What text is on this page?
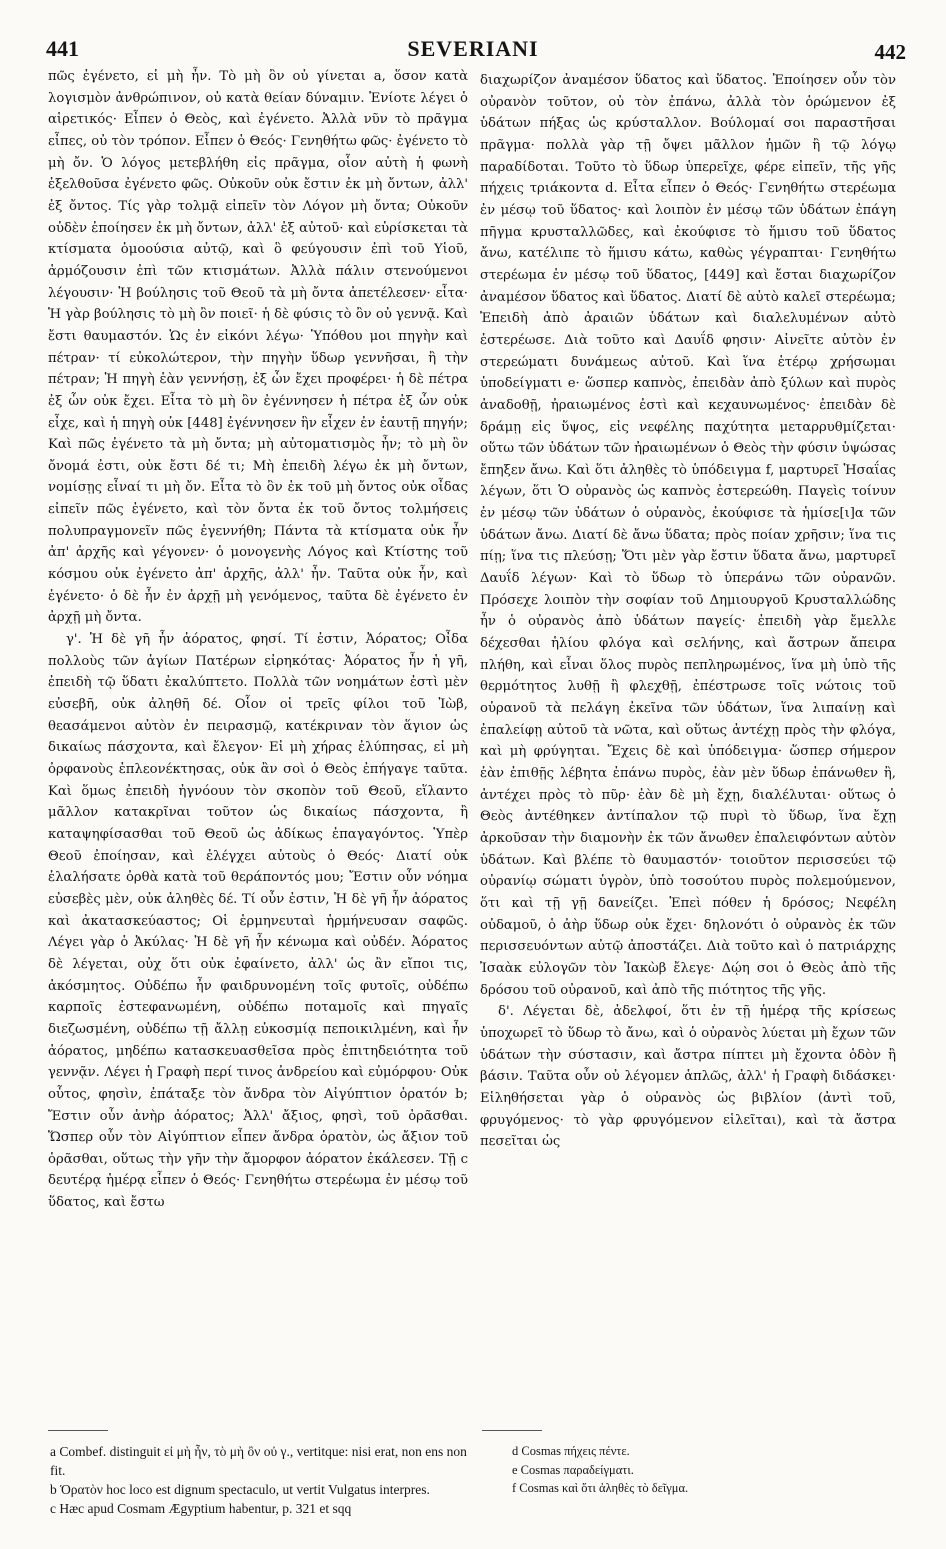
441	SEVERIANI	442

πῶς ἐγένετο, εἰ μὴ ἦν. Τὸ μὴ ὂν οὐ γίνεται a, ὅσον κατὰ λογισμὸν ἀνθρώπινον, οὐ κατὰ θείαν δύναμιν. Ἐνίοτε λέγει ὁ αἱρετικός· Εἶπεν ὁ Θεὸς, καὶ ἐγένετο. Ἀλλὰ νῦν τὸ πρᾶγμα εἶπες, οὐ τὸν τρόπον. Εἶπεν ὁ Θεός· Γενηθήτω φῶς· ἐγένετο τὸ μὴ ὄν. Ὁ λόγος μετεβλήθη εἰς πρᾶγμα, οἷον αὐτὴ ἡ φωνὴ ἐξελθοῦσα ἐγένετο φῶς. Οὐκοῦν οὐκ ἔστιν ἐκ μὴ ὄντων, ἀλλ' ἐξ ὄντος. Τίς γὰρ τολμᾷ εἰπεῖν τὸν Λόγον μὴ ὄντα; Οὐκοῦν οὐδὲν ἐποίησεν ἐκ μὴ ὄντων, ἀλλ' ἐξ αὐτοῦ· καὶ εὑρίσκεται τὰ κτίσματα ὁμοούσια αὐτῷ, καὶ ὃ φεύγουσιν ἐπὶ τοῦ Υἱοῦ, ἁρμόζουσιν ἐπὶ τῶν κτισμάτων. Ἀλλὰ πάλιν στενούμενοι λέγουσιν· Ἡ βούλησις τοῦ Θεοῦ τὰ μὴ ὄντα ἀπετέλεσεν· εἶτα· Ἡ γὰρ βούλησις τὸ μὴ ὂν ποιεῖ· ἡ δὲ φύσις τὸ ὂν οὐ γεννᾷ. Καὶ ἔστι θαυμαστόν. Ὡς ἐν εἰκόνι λέγω· Ὑπόθου μοι πηγὴν καὶ πέτραν· τί εὐκολώτερον, τὴν πηγὴν ὕδωρ γεννῆσαι, ἢ τὴν πέτραν; Ἡ πηγὴ ἐὰν γεννήσῃ, ἐξ ὧν ἔχει προφέρει· ἡ δὲ πέτρα ἐξ ὧν οὐκ ἔχει. Εἶτα τὸ μὴ ὂν ἐγέννησεν ἡ πέτρα ἐξ ὧν οὐκ εἶχε, καὶ ἡ πηγὴ οὐκ [448] ἐγέννησεν ἣν εἶχεν ἐν ἑαυτῇ πηγήν; Καὶ πῶς ἐγένετο τὰ μὴ ὄντα; μὴ αὐτοματισμὸς ἦν; τὸ μὴ ὂν ὄνομά ἐστι, οὐκ ἔστι δέ τι; Μὴ ἐπειδὴ λέγω ἐκ μὴ ὄντων, νομίσῃς εἶναί τι μὴ ὄν. Εἶτα τὸ ὂν ἐκ τοῦ μὴ ὄντος οὐκ οἶδας εἰπεῖν πῶς ἐγένετο, καὶ τὸν ὄντα ἐκ τοῦ ὄντος τολμήσεις πολυπραγμονεῖν πῶς ἐγεννήθη; Πάντα τὰ κτίσματα οὐκ ἦν ἀπ' ἀρχῆς καὶ γέγονεν· ὁ μονογενὴς Λόγος καὶ Κτίστης τοῦ κόσμου οὐκ ἐγένετο ἀπ' ἀρχῆς, ἀλλ' ἦν. Ταῦτα οὐκ ἦν, καὶ ἐγένετο· ὁ δὲ ἦν ἐν ἀρχῇ μὴ γενόμενος, ταῦτα δὲ ἐγένετο ἐν ἀρχῇ μὴ ὄντα.

γ'. Ἡ δὲ γῆ ἦν ἀόρατος, φησί. Τί ἐστιν, Ἀόρατος; Οἶδα πολλοὺς τῶν ἁγίων Πατέρων εἰρηκότας· Ἀόρατος ἦν ἡ γῆ, ἐπειδὴ τῷ ὕδατι ἐκαλύπτετο. Πολλὰ τῶν νοημάτων ἐστὶ μὲν εὐσεβῆ, οὐκ ἀληθῆ δέ. Οἷον οἱ τρεῖς φίλοι τοῦ Ἰὼβ, θεασάμενοι αὐτὸν ἐν πειρασμῷ, κατέκριναν τὸν ἅγιον ὡς δικαίως πάσχοντα, καὶ ἔλεγον· Εἰ μὴ χήρας ἐλύπησας, εἰ μὴ ὀρφανοὺς ἐπλεονέκτησας, οὐκ ἂν σοὶ ὁ Θεὸς ἐπήγαγε ταῦτα. Καὶ ὅμως ἐπειδὴ ἠγνόουν τὸν σκοπὸν τοῦ Θεοῦ, εἵλαντο μᾶλλον κατακρῖναι τοῦτον ὡς δικαίως πάσχοντα, ἢ καταψηφίσασθαι τοῦ Θεοῦ ὡς ἀδίκως ἐπαγαγόντος. Ὑπὲρ Θεοῦ ἐποίησαν, καὶ ἐλέγχει αὐτοὺς ὁ Θεός· Διατί οὐκ ἐλαλήσατε ὀρθὰ κατὰ τοῦ θεράποντός μου; Ἔστιν οὖν νόημα εὐσεβὲς μὲν, οὐκ ἀληθὲς δέ. Τί οὖν ἐστιν, Ἡ δὲ γῆ ἦν ἀόρατος καὶ ἀκατασκεύαστος; Οἱ ἑρμηνευταὶ ἡρμήνευσαν σαφῶς. Λέγει γὰρ ὁ Ἀκύλας· Ἡ δὲ γῆ ἦν κένωμα καὶ οὐδέν. Ἀόρατος δὲ λέγεται, οὐχ ὅτι οὐκ ἐφαίνετο, ἀλλ' ὡς ἂν εἴποι τις, ἀκόσμητος. Οὐδέπω ἦν φαιδρυνομένη τοῖς φυτοῖς, οὐδέπω καρποῖς ἐστεφανωμένη, οὐδέπω ποταμοῖς καὶ πηγαῖς διεζωσμένη, οὐδέπω τῇ ἄλλῃ εὐκοσμίᾳ πεποικιλμένη, καὶ ἦν ἀόρατος, μηδέπω κατασκευασθεῖσα πρὸς ἐπιτηδειότητα τοῦ γεννᾷν. Λέγει ἡ Γραφὴ περί τινος ἀνδρείου καὶ εὐμόρφου· Οὐκ οὗτος, φησὶν, ἐπάταξε τὸν ἄνδρα τὸν Αἰγύπτιον ὁρατόν b; Ἔστιν οὖν ἀνὴρ ἀόρατος; Ἀλλ' ἄξιος, φησὶ, τοῦ ὁρᾶσθαι. Ὥσπερ οὖν τὸν Αἰγύπτιον εἶπεν ἄνδρα ὁρατὸν, ὡς ἄξιον τοῦ ὁρᾶσθαι, οὕτως τὴν γῆν τὴν ἄμορφον ἀόρατον ἐκάλεσεν. Τῇ c δευτέρᾳ ἡμέρᾳ εἶπεν ὁ Θεός· Γενηθήτω στερέωμα ἐν μέσῳ τοῦ ὕδατος, καὶ ἔστω

διαχωρίζον ἀναμέσον ὕδατος καὶ ὕδατος. Ἐποίησεν οὖν τὸν οὐρανὸν τοῦτον, οὐ τὸν ἐπάνω, ἀλλὰ τὸν ὁρώμενον ἐξ ὑδάτων πήξας ὡς κρύσταλλον. Βούλομαί σοι παραστῆσαι πρᾶγμα· πολλὰ γὰρ τῇ ὄψει μᾶλλον ἡμῶν ἢ τῷ λόγῳ παραδίδοται. Τοῦτο τὸ ὕδωρ ὑπερεῖχε, φέρε εἰπεῖν, τῆς γῆς πήχεις τριάκοντα d. Εἶτα εἶπεν ὁ Θεός· Γενηθήτω στερέωμα ἐν μέσῳ τοῦ ὕδατος· καὶ λοιπὸν ἐν μέσῳ τῶν ὑδάτων ἐπάγη πῆγμα κρυσταλλῶδες, καὶ ἐκούφισε τὸ ἥμισυ τοῦ ὕδατος ἄνω, κατέλιπε τὸ ἥμισυ κάτω, καθὼς γέγραπται· Γενηθήτω στερέωμα ἐν μέσῳ τοῦ ὕδατος, [449] καὶ ἔσται διαχωρίζον ἀναμέσον ὕδατος καὶ ὕδατος. Διατί δὲ αὐτὸ καλεῖ στερέωμα; Ἐπειδὴ ἀπὸ ἀραιῶν ὑδάτων καὶ διαλελυμένων αὐτὸ ἐστερέωσε. Διὰ τοῦτο καὶ Δαυΐδ φησιν· Αἰνεῖτε αὐτὸν ἐν στερεώματι δυνάμεως αὐτοῦ. Καὶ ἵνα ἑτέρῳ χρήσωμαι ὑποδείγματι e· ὥσπερ καπνὸς, ἐπειδὰν ἀπὸ ξύλων καὶ πυρὸς ἀναδοθῇ, ἠραιωμένος ἐστὶ καὶ κεχαυνωμένος· ἐπειδὰν δὲ δράμῃ εἰς ὕψος, εἰς νεφέλης παχύτητα μεταρρυθμίζεται· οὕτω τῶν ὑδάτων τῶν ἠραιωμένων ὁ Θεὸς τὴν φύσιν ὑψώσας ἔπηξεν ἄνω. Καὶ ὅτι ἀληθὲς τὸ ὑπόδειγμα f, μαρτυρεῖ Ἡσαΐας λέγων, ὅτι Ὁ οὐρανὸς ὡς καπνὸς ἐστερεώθη. Παγεὶς τοίνυν ἐν μέσῳ τῶν ὑδάτων ὁ οὐρανὸς, ἐκούφισε τὰ ἡμίσε[ι]α τῶν ὑδάτων ἄνω. Διατί δὲ ἄνω ὕδατα; πρὸς ποίαν χρῆσιν; ἵνα τις πίῃ; ἵνα τις πλεύσῃ; Ὅτι μὲν γὰρ ἔστιν ὕδατα ἄνω, μαρτυρεῖ Δαυΐδ λέγων· Καὶ τὸ ὕδωρ τὸ ὑπεράνω τῶν οὐρανῶν. Πρόσεχε λοιπὸν τὴν σοφίαν τοῦ Δημιουργοῦ Κρυσταλλώδης ἦν ὁ οὐρανὸς ἀπὸ ὑδάτων παγείς· ἐπειδὴ γὰρ ἔμελλε δέχεσθαι ἡλίου φλόγα καὶ σελήνης, καὶ ἄστρων ἄπειρα πλήθη, καὶ εἶναι ὅλος πυρὸς πεπληρωμένος, ἵνα μὴ ὑπὸ τῆς θερμότητος λυθῇ ἢ φλεχθῇ, ἐπέστρωσε τοῖς νώτοις τοῦ οὐρανοῦ τὰ πελάγη ἐκεῖνα τῶν ὑδάτων, ἵνα λιπαίνῃ καὶ ἐπαλείφῃ αὐτοῦ τὰ νῶτα, καὶ οὕτως ἀντέχῃ πρὸς τὴν φλόγα, καὶ μὴ φρύγηται. Ἔχεις δὲ καὶ ὑπόδειγμα· ὥσπερ σήμερον ἐὰν ἐπιθῇς λέβητα ἐπάνω πυρὸς, ἐὰν μὲν ὕδωρ ἐπάνωθεν ἢ, ἀντέχει πρὸς τὸ πῦρ· ἐὰν δὲ μὴ ἔχῃ, διαλέλυται· οὕτως ὁ Θεὸς ἀντέθηκεν ἀντίπαλον τῷ πυρὶ τὸ ὕδωρ, ἵνα ἔχῃ ἀρκοῦσαν τὴν διαμονὴν ἐκ τῶν ἄνωθεν ἐπαλειφόντων αὐτὸν ὑδάτων. Καὶ βλέπε τὸ θαυμαστόν· τοιοῦτον περισσεύει τῷ οὐρανίῳ σώματι ὑγρὸν, ὑπὸ τοσούτου πυρὸς πολεμούμενον, ὅτι καὶ τῇ γῇ δανείζει. Ἐπεὶ πόθεν ἡ δρόσος; Νεφέλη οὐδαμοῦ, ὁ ἀὴρ ὕδωρ οὐκ ἔχει· δηλονότι ὁ οὐρανὸς ἐκ τῶν περισσευόντων αὐτῷ ἀποστάζει. Διὰ τοῦτο καὶ ὁ πατριάρχης Ἰσαὰκ εὐλογῶν τὸν Ἰακὼβ ἔλεγε· Δῴη σοι ὁ Θεὸς ἀπὸ τῆς δρόσου τοῦ οὐρανοῦ, καὶ ἀπὸ τῆς πιότητος τῆς γῆς.

δ'. Λέγεται δὲ, ἀδελφοί, ὅτι ἐν τῇ ἡμέρᾳ τῆς κρίσεως ὑποχωρεῖ τὸ ὕδωρ τὸ ἄνω, καὶ ὁ οὐρανὸς λύεται μὴ ἔχων τῶν ὑδάτων τὴν σύστασιν, καὶ ἄστρα πίπτει μὴ ἔχοντα ὁδὸν ἢ βάσιν. Ταῦτα οὖν οὐ λέγομεν ἁπλῶς, ἀλλ' ἡ Γραφὴ διδάσκει· Εἱληθήσεται γὰρ ὁ οὐρανὸς ὡς βιβλίον (ἀντὶ τοῦ, φρυγόμενος· τὸ γὰρ φρυγόμενον εἱλεῖται), καὶ τὰ ἄστρα πεσεῖται ὡς

a Combef. distinguit εἰ μὴ ἦν, τὸ μὴ ὂν οὐ γ., vertitque: nisi erat, non ens non fit.
b Ὁρατὸν hoc loco est dignum spectaculo, ut vertit Vulgatus interpres.
c Hæc apud Cosmam Ægyptium habentur, p. 321 et sqq
d Cosmas πήχεις πέντε.
e Cosmas παραδείγματι.
f Cosmas καὶ ὅτι ἀληθὲς τὸ δεῖγμα.
